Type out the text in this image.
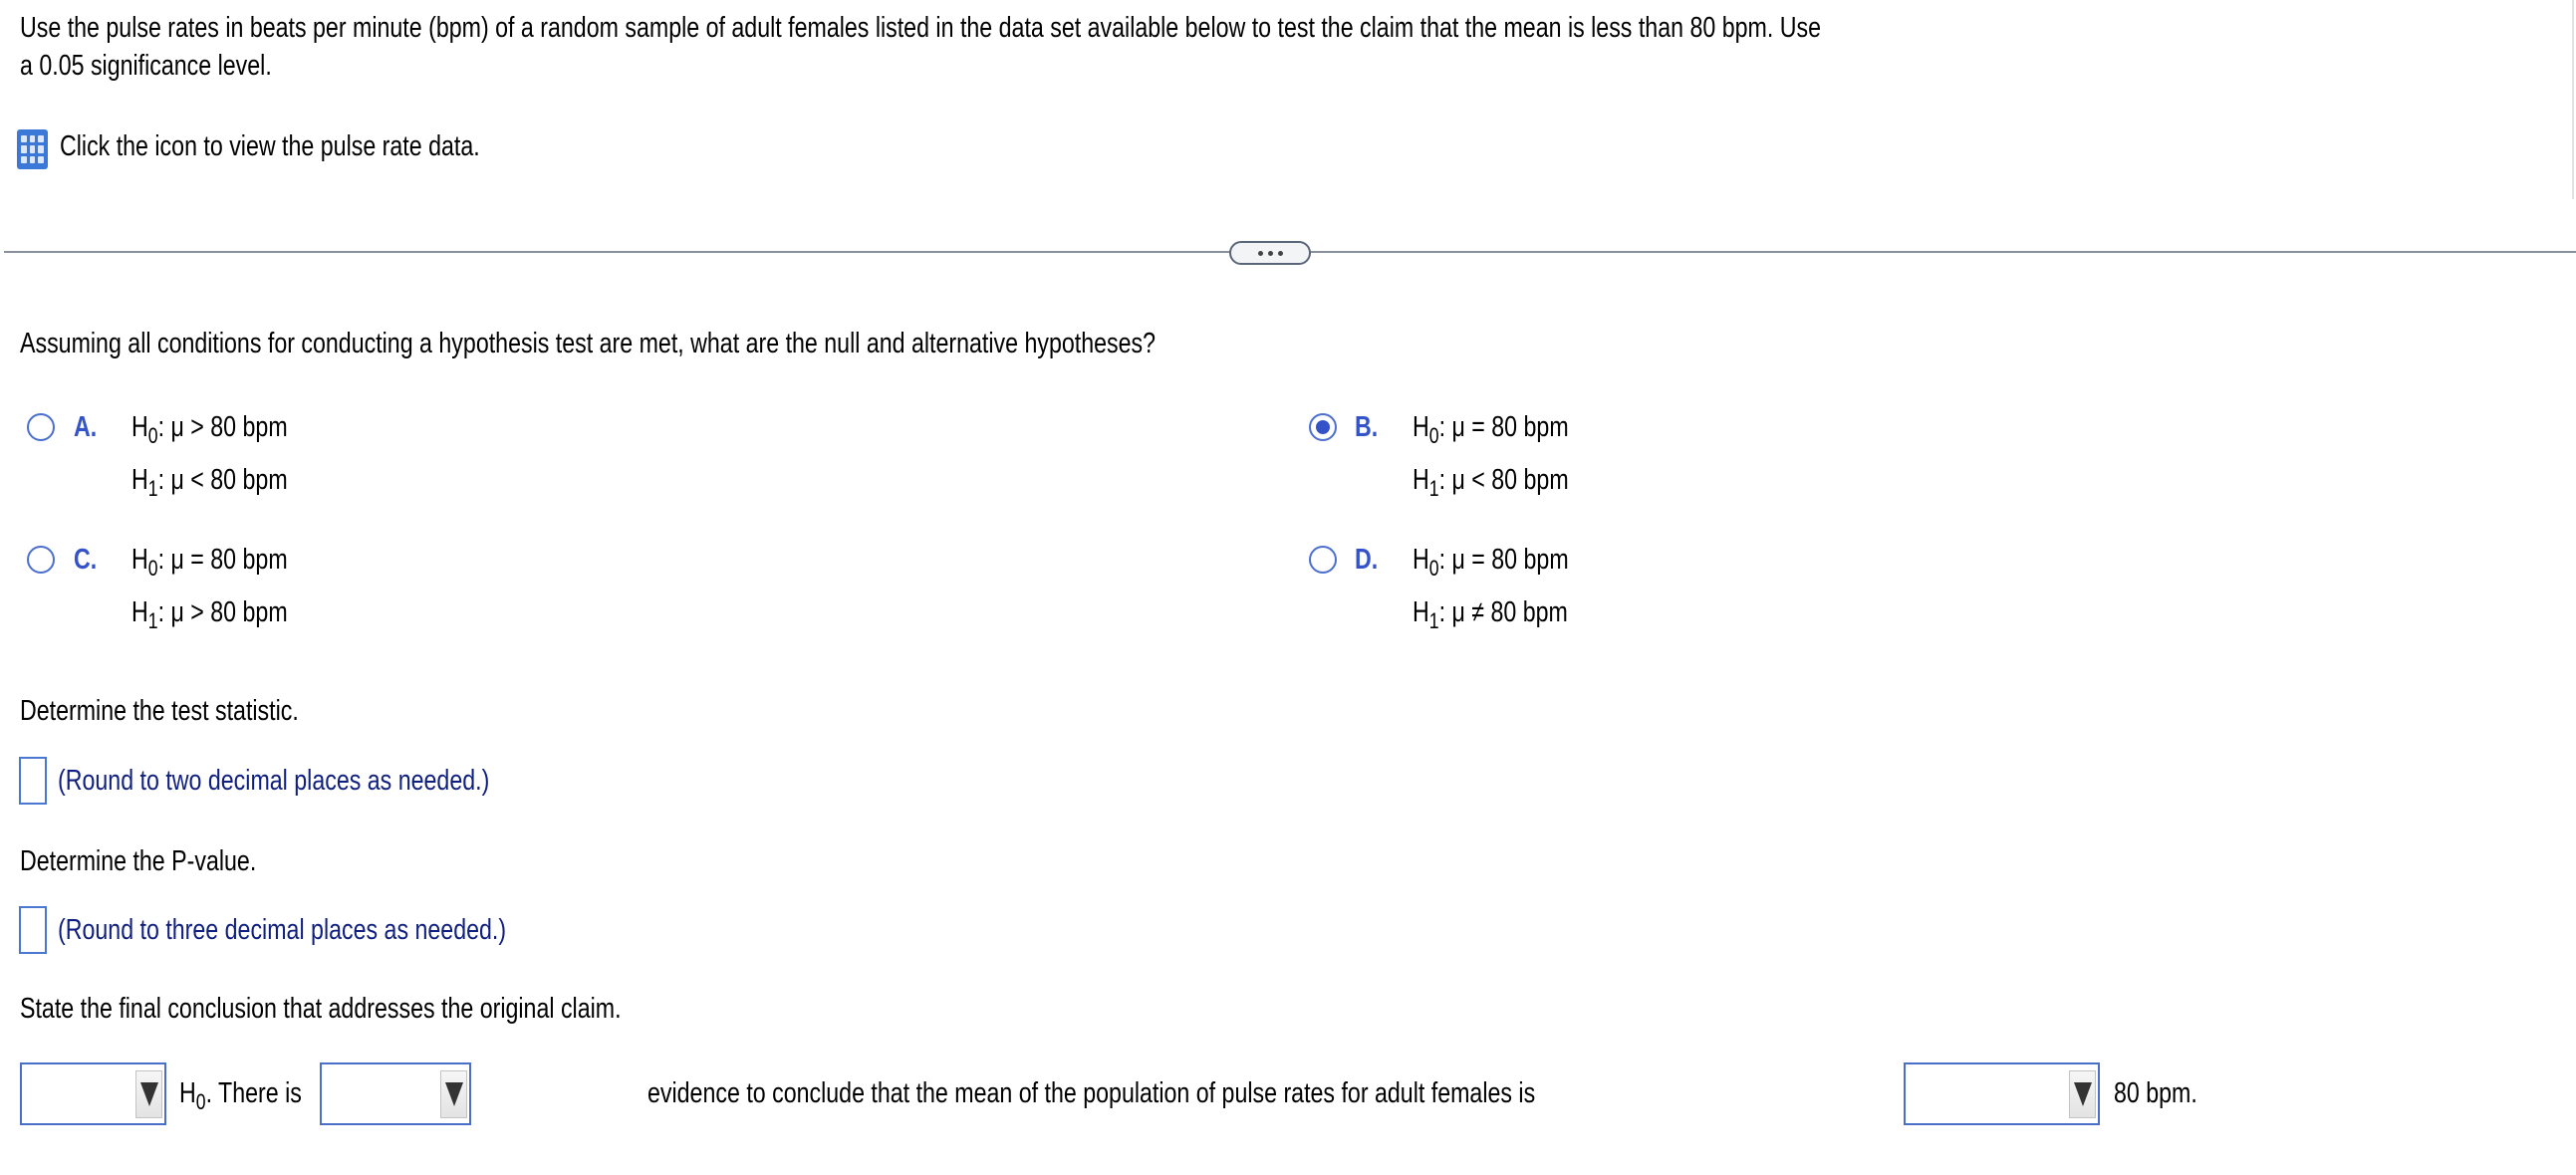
Use the pulse rates in beats per minute (bpm) of a random sample of adult females listed in the data set available below to test the claim that the mean is less than 80 bpm. Use
a 0.05 significance level.
Click the icon to view the pulse rate data.
Assuming all conditions for conducting a hypothesis test are met, what are the null and alternative hypotheses?
A. $H_0$: μ > 80 bpm
$H_1$: μ < 80 bpm
B. $H_0$: μ = 80 bpm
$H_1$: μ < 80 bpm
C. $H_0$: μ = 80 bpm
$H_1$: μ > 80 bpm
D. $H_0$: μ = 80 bpm
$H_1$: μ ≠ 80 bpm
Determine the test statistic.
(Round to two decimal places as needed.)
Determine the P-value.
(Round to three decimal places as needed.)
State the final conclusion that addresses the original claim.
$H_0$. There is	evidence to conclude that the mean of the population of pulse rates for adult females is	80 bpm.
